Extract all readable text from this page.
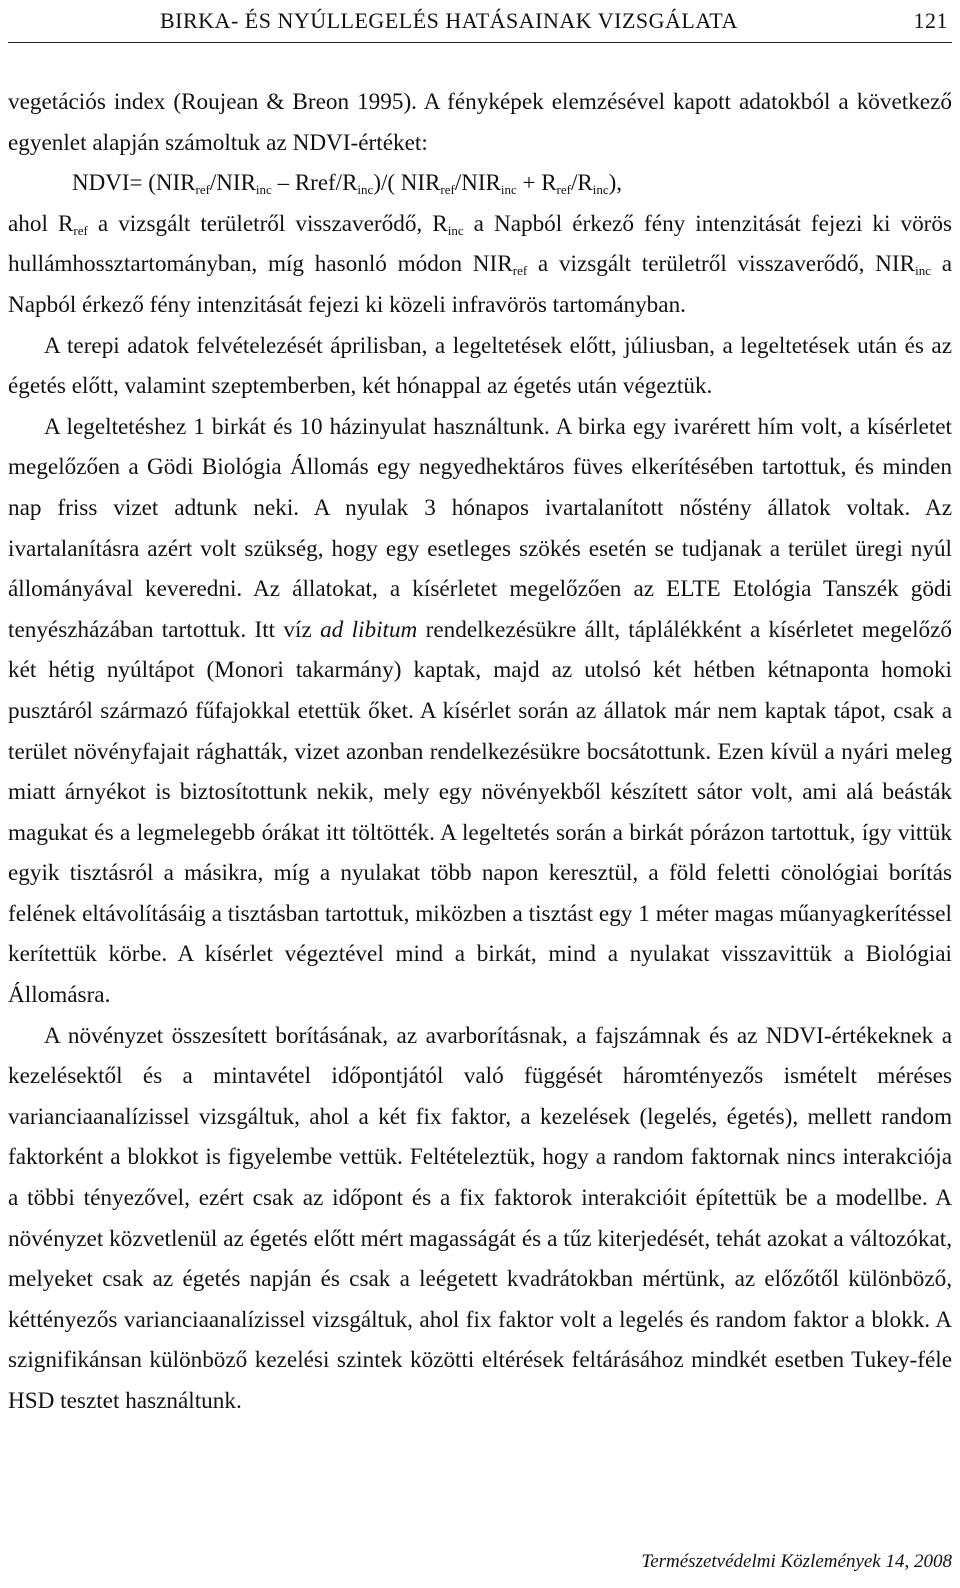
BIRKA- ÉS NYÚLLEGELÉS HATÁSAINAK VIZSGÁLATA	121

vegetációs index (Roujean & Breon 1995). A fényképek elemzésével kapott adatokból a következő egyenlet alapján számoltuk az NDVI-értéket:

NDVI= ($NIR_{ref}/NIR_{inc}$ – Rref/$R_{inc})/$( $NIR_{ref}/NIR_{inc} + R_{ref}/R_{inc}$),

ahol $R_{ref}$ a vizsgált területről visszaverődő, $R_{inc}$ a Napból érkező fény intenzitását fejezi ki vörös hullámhossztartományban, míg hasonló módon $NIR_{ref}$ a vizsgált területről visszaverődő, $NIR_{inc}$ a Napból érkező fény intenzitását fejezi ki közeli infravörös tartományban.

A terepi adatok felvételezését áprilisban, a legeltetések előtt, júliusban, a legeltetések után és az égetés előtt, valamint szeptemberben, két hónappal az égetés után végeztük.

A legeltetéshez 1 birkát és 10 házinyulat használtunk. A birka egy ivarérett hím volt, a kísérletet megelőzően a Gödi Biológia Állomás egy negyedhektáros füves elkerítésében tartottuk, és minden nap friss vizet adtunk neki. A nyulak 3 hónapos ivartalanított nőstény állatok voltak. Az ivartalanításra azért volt szükség, hogy egy esetleges szökés esetén se tudjanak a terület üregi nyúl állományával keveredni. Az állatokat, a kísérletet megelőzően az ELTE Etológia Tanszék gödi tenyészházában tartottuk. Itt víz ad libitum rendelkezésükre állt, táplálékként a kísérletet megelőző két hétig nyúltápot (Monori takarmány) kaptak, majd az utolsó két hétben kétnaponta homoki pusztáról származó fűfajokkal etettük őket. A kísérlet során az állatok már nem kaptak tápot, csak a terület növényfajait rághatták, vizet azonban rendelkezésükre bocsátottunk. Ezen kívül a nyári meleg miatt árnyékot is biztosítottunk nekik, mely egy növényekből készített sátor volt, ami alá beásták magukat és a legmelegebb órákat itt töltötték. A legeltetés során a birkát pórázon tartottuk, így vittük egyik tisztásról a másikra, míg a nyulakat több napon keresztül, a föld feletti cönológiai borítás felének eltávolításáig a tisztásban tartottuk, miközben a tisztást egy 1 méter magas műanyagkerítéssel kerítettük körbe. A kísérlet végeztével mind a birkát, mind a nyulakat visszavittük a Biológiai Állomásra.

A növényzet összesített borításának, az avarborításnak, a fajszámnak és az NDVI-értékeknek a kezelésektől és a mintavétel időpontjától való függését háromtényezős ismételt méréses varianciaanalízissel vizsgáltuk, ahol a két fix faktor, a kezelések (legelés, égetés), mellett random faktorként a blokkot is figyelembe vettük. Feltételeztük, hogy a random faktornak nincs interakciója a többi tényezővel, ezért csak az időpont és a fix faktorok interakcióit építettük be a modellbe. A növényzet közvetlenül az égetés előtt mért magasságát és a tűz kiterjedését, tehát azokat a változókat, melyeket csak az égetés napján és csak a leégetett kvadrátokban mértünk, az előzőtől különböző, kéttényezős varianciaanalízissel vizsgáltuk, ahol fix faktor volt a legelés és random faktor a blokk. A szignifikánsan különböző kezelési szintek közötti eltérések feltárásához mindkét esetben Tukey-féle HSD tesztet használtunk.

Természetvédelmi Közlemények 14, 2008
